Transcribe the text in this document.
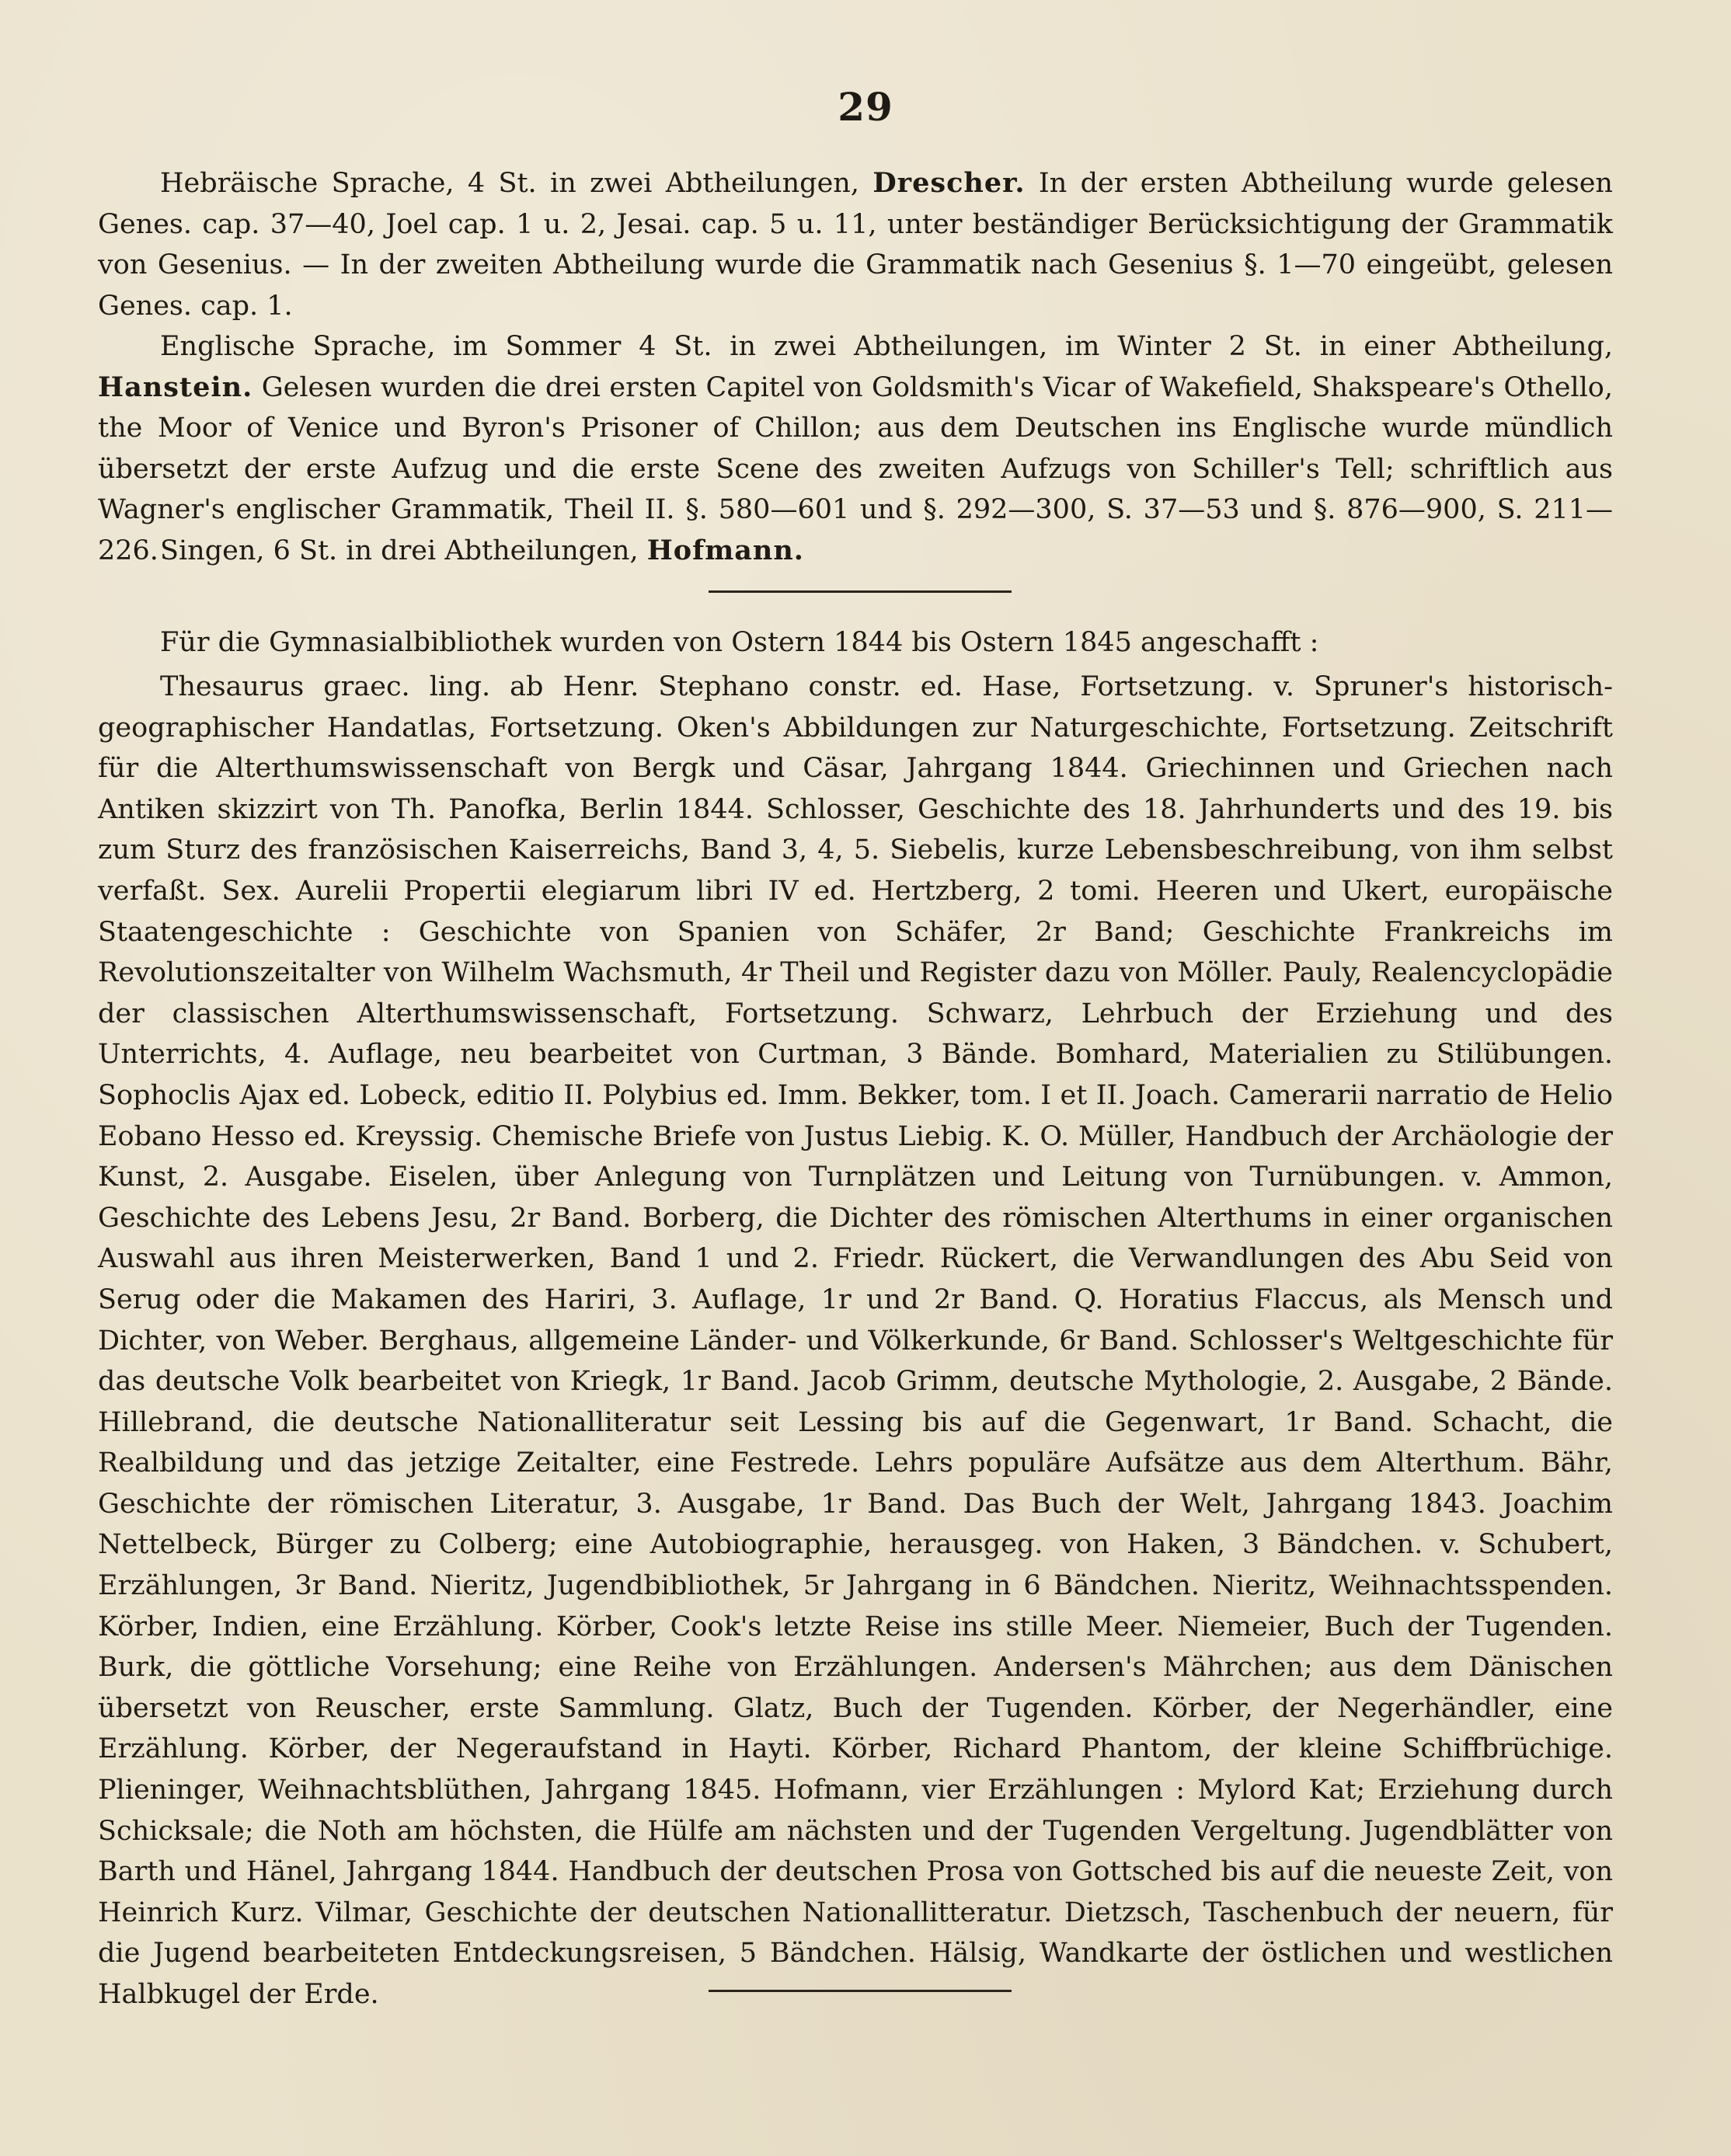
29

Hebräische Sprache, 4 St. in zwei Abtheilungen, Drescher. In der ersten Abtheilung wurde gelesen Genes. cap. 37—40, Joel cap. 1 u. 2, Jesai. cap. 5 u. 11, unter beständiger Berücksichtigung der Grammatik von Gesenius. — In der zweiten Abtheilung wurde die Grammatik nach Gesenius §. 1—70 eingeübt, gelesen Genes. cap. 1.

Englische Sprache, im Sommer 4 St. in zwei Abtheilungen, im Winter 2 St. in einer Abtheilung, Hanstein. Gelesen wurden die drei ersten Capitel von Goldsmith's Vicar of Wakefield, Shakspeare's Othello, the Moor of Venice und Byron's Prisoner of Chillon; aus dem Deutschen ins Englische wurde mündlich übersetzt der erste Aufzug und die erste Scene des zweiten Aufzugs von Schiller's Tell; schriftlich aus Wagner's englischer Grammatik, Theil II. §. 580—601 und §. 292—300, S. 37—53 und §. 876—900, S. 211—226. Singen, 6 St. in drei Abtheilungen, Hofmann.

Für die Gymnasialbibliothek wurden von Ostern 1844 bis Ostern 1845 angeschafft :

Thesaurus graec. ling. ab Henr. Stephano constr. ed. Hase, Fortsetzung. v. Spruner's historisch-geographischer Handatlas, Fortsetzung. Oken's Abbildungen zur Naturgeschichte, Fortsetzung. Zeitschrift für die Alterthumswissenschaft von Bergk und Cäsar, Jahrgang 1844. Griechinnen und Griechen nach Antiken skizzirt von Th. Panofka, Berlin 1844. Schlosser, Geschichte des 18. Jahrhunderts und des 19. bis zum Sturz des französischen Kaiserreichs, Band 3, 4, 5. Siebelis, kurze Lebensbeschreibung, von ihm selbst verfaßt. Sex. Aurelii Propertii elegiarum libri IV ed. Hertzberg, 2 tomi. Heeren und Ukert, europäische Staatengeschichte : Geschichte von Spanien von Schäfer, 2r Band; Geschichte Frankreichs im Revolutionszeitalter von Wilhelm Wachsmuth, 4r Theil und Register dazu von Möller. Pauly, Realencyclopädie der classischen Alterthumswissenschaft, Fortsetzung. Schwarz, Lehrbuch der Erziehung und des Unterrichts, 4. Auflage, neu bearbeitet von Curtman, 3 Bände. Bomhard, Materialien zu Stilübungen. Sophoclis Ajax ed. Lobeck, editio II. Polybius ed. Imm. Bekker, tom. I et II. Joach. Camerarii narratio de Helio Eobano Hesso ed. Kreyssig. Chemische Briefe von Justus Liebig. K. O. Müller, Handbuch der Archäologie der Kunst, 2. Ausgabe. Eiselen, über Anlegung von Turnplätzen und Leitung von Turnübungen. v. Ammon, Geschichte des Lebens Jesu, 2r Band. Borberg, die Dichter des römischen Alterthums in einer organischen Auswahl aus ihren Meisterwerken, Band 1 und 2. Friedr. Rückert, die Verwandlungen des Abu Seid von Serug oder die Makamen des Hariri, 3. Auflage, 1r und 2r Band. Q. Horatius Flaccus, als Mensch und Dichter, von Weber. Berghaus, allgemeine Länder- und Völkerkunde, 6r Band. Schlosser's Weltgeschichte für das deutsche Volk bearbeitet von Kriegk, 1r Band. Jacob Grimm, deutsche Mythologie, 2. Ausgabe, 2 Bände. Hillebrand, die deutsche Nationalliteratur seit Lessing bis auf die Gegenwart, 1r Band. Schacht, die Realbildung und das jetzige Zeitalter, eine Festrede. Lehrs populäre Aufsätze aus dem Alterthum. Bähr, Geschichte der römischen Literatur, 3. Ausgabe, 1r Band. Das Buch der Welt, Jahrgang 1843. Joachim Nettelbeck, Bürger zu Colberg; eine Autobiographie, herausgeg. von Haken, 3 Bändchen. v. Schubert, Erzählungen, 3r Band. Nieritz, Jugendbibliothek, 5r Jahrgang in 6 Bändchen. Nieritz, Weihnachtsspenden. Körber, Indien, eine Erzählung. Körber, Cook's letzte Reise ins stille Meer. Niemeier, Buch der Tugenden. Burk, die göttliche Vorsehung; eine Reihe von Erzählungen. Andersen's Mährchen; aus dem Dänischen übersetzt von Reuscher, erste Sammlung. Glatz, Buch der Tugenden. Körber, der Negerhändler, eine Erzählung. Körber, der Negeraufstand in Hayti. Körber, Richard Phantom, der kleine Schiffbrüchige. Plieninger, Weihnachtsblüthen, Jahrgang 1845. Hofmann, vier Erzählungen : Mylord Kat; Erziehung durch Schicksale; die Noth am höchsten, die Hülfe am nächsten und der Tugenden Vergeltung. Jugendblätter von Barth und Hänel, Jahrgang 1844. Handbuch der deutschen Prosa von Gottsched bis auf die neueste Zeit, von Heinrich Kurz. Vilmar, Geschichte der deutschen Nationallitteratur. Dietzsch, Taschenbuch der neuern, für die Jugend bearbeiteten Entdeckungsreisen, 5 Bändchen. Hälsig, Wandkarte der östlichen und westlichen Halbkugel der Erde.
